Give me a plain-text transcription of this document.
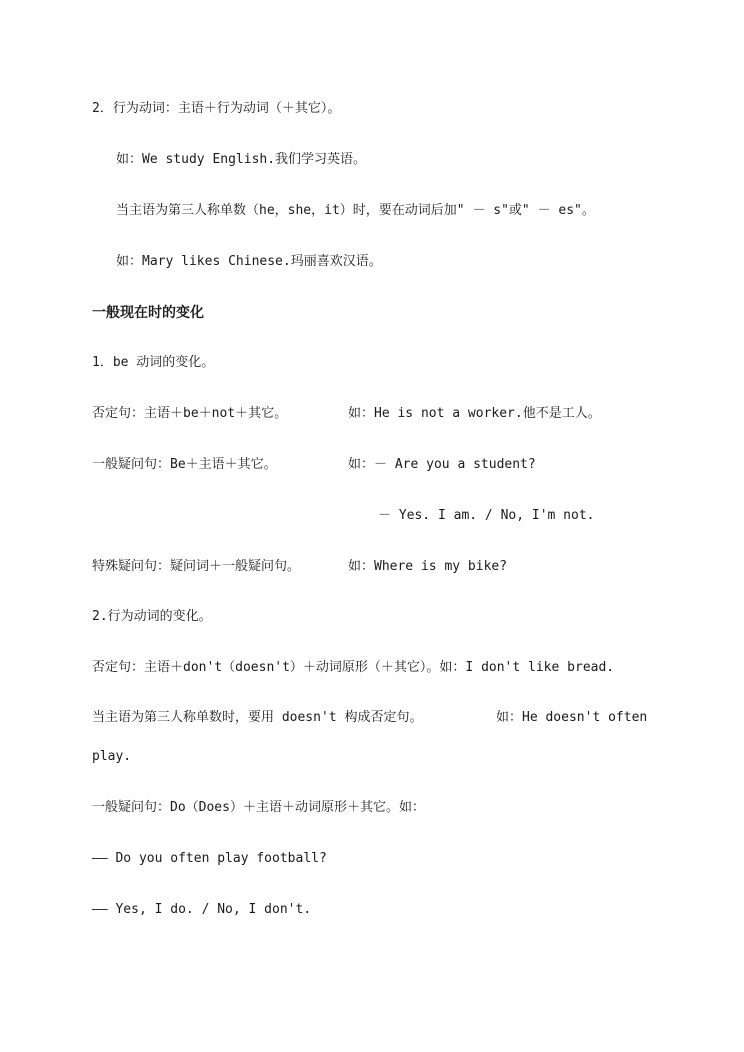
2．行为动词：主语＋行为动词（＋其它）。
如：We study English.我们学习英语。
当主语为第三人称单数（he，she，it）时，要在动词后加" － s"或" － es"。
如：Mary likes Chinese.玛丽喜欢汉语。
一般现在时的变化
1．be 动词的变化。
否定句：主语＋be＋not＋其它。	如：He is not a worker.他不是工人。
一般疑问句：Be＋主语＋其它。	如：－ Are you a student?
－ Yes. I am. / No, I'm not.
特殊疑问句：疑问词＋一般疑问句。	如：Where is my bike?
2.行为动词的变化。
否定句：主语＋don't（doesn't）＋动词原形（＋其它）。如：I don't like bread.
当主语为第三人称单数时，要用 doesn't 构成否定句。	如：He doesn't often
play.
一般疑问句：Do（Does）＋主语＋动词原形＋其它。如：
—— Do you often play football?
—— Yes, I do. / No, I don't.
